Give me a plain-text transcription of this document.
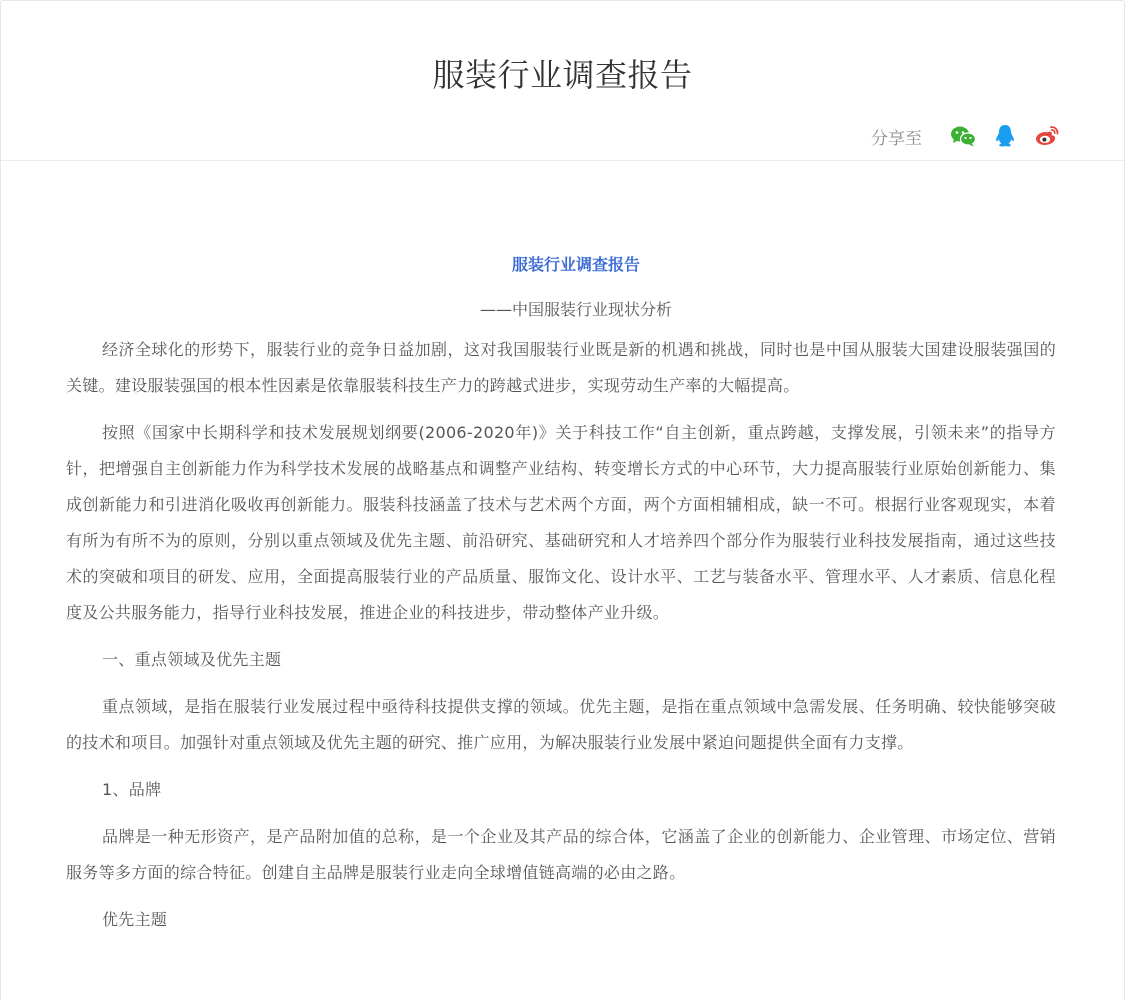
服装行业调查报告
分享至
服装行业调查报告
——中国服装行业现状分析

经济全球化的形势下，服装行业的竞争日益加剧，这对我国服装行业既是新的机遇和挑战，同时也是中国从服装大国建设服装强国的关键。建设服装强国的根本性因素是依靠服装科技生产力的跨越式进步，实现劳动生产率的大幅提高。

按照《国家中长期科学和技术发展规划纲要(2006-2020年)》关于科技工作“自主创新，重点跨越，支撑发展，引领未来”的指导方针，把增强自主创新能力作为科学技术发展的战略基点和调整产业结构、转变增长方式的中心环节，大力提高服装行业原始创新能力、集成创新能力和引进消化吸收再创新能力。服装科技涵盖了技术与艺术两个方面，两个方面相辅相成，缺一不可。根据行业客观现实，本着有所为有所不为的原则，分别以重点领域及优先主题、前沿研究、基础研究和人才培养四个部分作为服装行业科技发展指南，通过这些技术的突破和项目的研发、应用，全面提高服装行业的产品质量、服饰文化、设计水平、工艺与装备水平、管理水平、人才素质、信息化程度及公共服务能力，指导行业科技发展，推进企业的科技进步，带动整体产业升级。

一、重点领域及优先主题

重点领域，是指在服装行业发展过程中亟待科技提供支撑的领域。优先主题，是指在重点领域中急需发展、任务明确、较快能够突破的技术和项目。加强针对重点领域及优先主题的研究、推广应用，为解决服装行业发展中紧迫问题提供全面有力支撑。

1、品牌

品牌是一种无形资产，是产品附加值的总称，是一个企业及其产品的综合体，它涵盖了企业的创新能力、企业管理、市场定位、营销服务等多方面的综合特征。创建自主品牌是服装行业走向全球增值链高端的必由之路。

优先主题
